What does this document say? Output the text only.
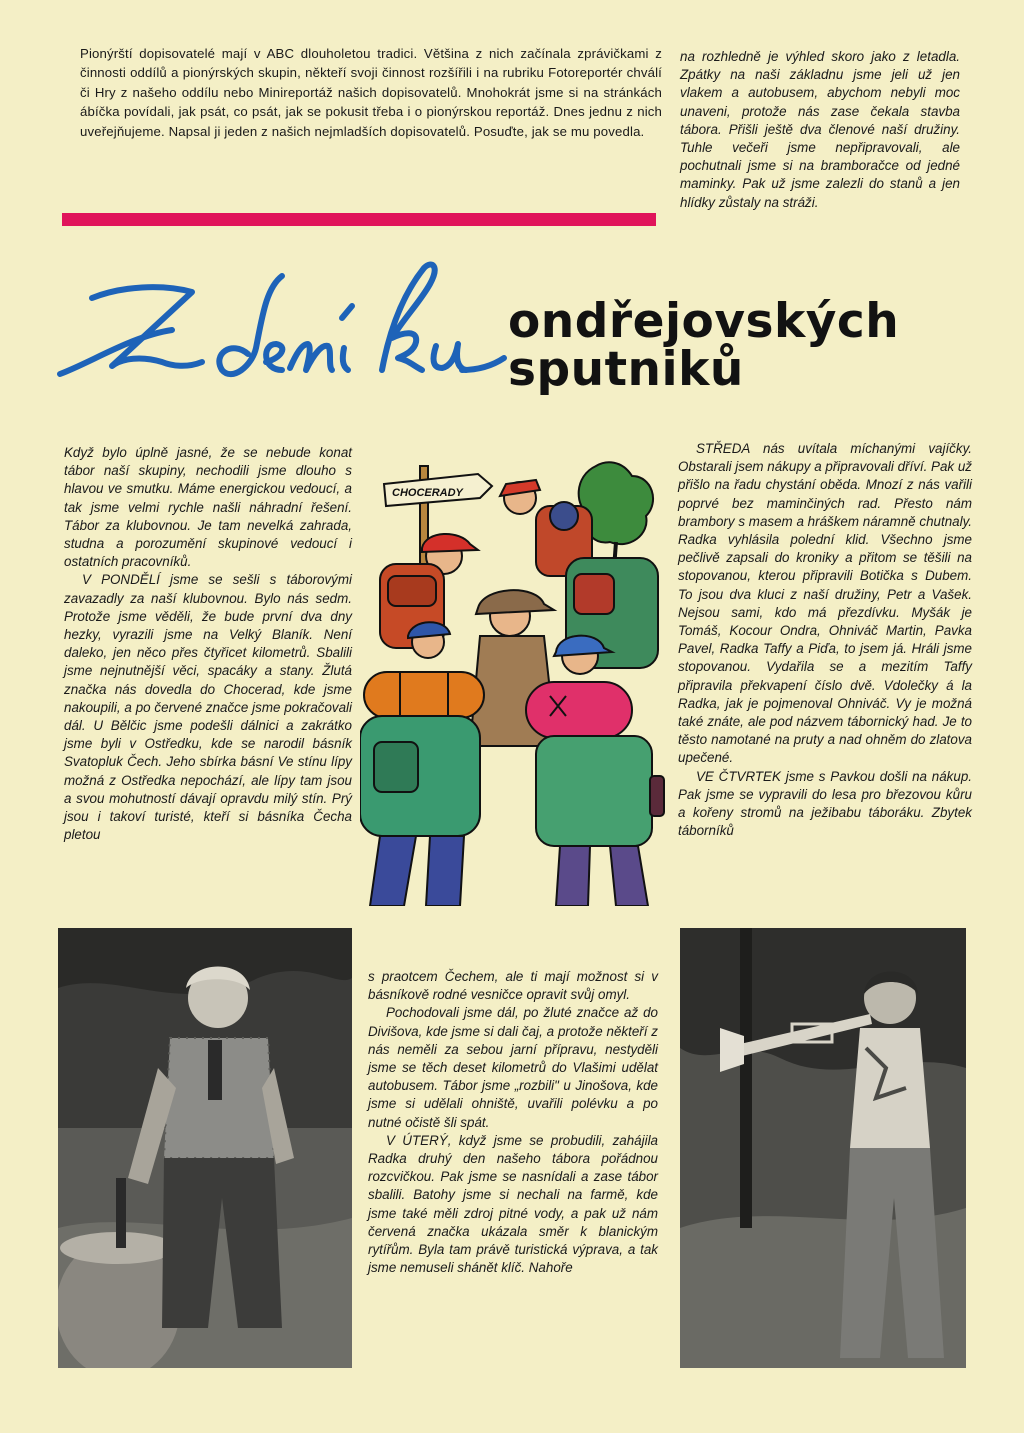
Pionýrští dopisovatelé mají v ABC dlouholetou tradici. Většina z nich začínala zprávičkami z činnosti oddílů a pionýrských skupin, někteří svoji činnost rozšířili i na rubriku Fotoreportér chválí či Hry z našeho oddílu nebo Minireportáž našich dopisovatelů. Mnohokrát jsme si na stránkách ábíčka povídali, jak psát, co psát, jak se pokusit třeba i o pionýrskou reportáž. Dnes jednu z nich uveřejňujeme. Napsal ji jeden z našich nejmladších dopisovatelů. Posuďte, jak se mu povedla.

na rozhledně je výhled skoro jako z letadla. Zpátky na naši základnu jsme jeli už jen vlakem a autobusem, abychom nebyli moc unaveni, protože nás zase čekala stavba tábora. Přišli ještě dva členové naší družiny. Tuhle večeři jsme nepřipravovali, ale pochutnali jsme si na bramboračce od jedné maminky. Pak už jsme zalezli do stanů a jen hlídky zůstaly na stráži.

Z deníku
ondřejovských
sputniků

Když bylo úplně jasné, že se nebude konat tábor naší skupiny, nechodili jsme dlouho s hlavou ve smutku. Máme energickou vedoucí, a tak jsme velmi rychle našli náhradní řešení. Tábor za klubovnou. Je tam nevelká zahrada, studna a porozumění skupinové vedoucí i ostatních pracovníků.

V PONDĚLÍ jsme se sešli s táborovými zavazadly za naší klubovnou. Bylo nás sedm. Protože jsme věděli, že bude první dva dny hezky, vyrazili jsme na Velký Blaník. Není daleko, jen něco přes čtyřicet kilometrů. Sbalili jsme nejnutnější věci, spacáky a stany. Žlutá značka nás dovedla do Chocerad, kde jsme nakoupili, a po červené značce jsme pokračovali dál. U Bělčic jsme podešli dálnici a zakrátko jsme byli v Ostředku, kde se narodil básník Svatopluk Čech. Jeho sbírka básní Ve stínu lípy možná z Ostředka nepochází, ale lípy tam jsou a svou mohutností dávají opravdu milý stín. Prý jsou i takoví turisté, kteří si básníka Čecha pletou

CHOCERADY

s praotcem Čechem, ale ti mají možnost si v básníkově rodné vesničce opravit svůj omyl.

Pochodovali jsme dál, po žluté značce až do Divišova, kde jsme si dali čaj, a protože někteří z nás neměli za sebou jarní přípravu, nestyděli jsme se těch deset kilometrů do Vlašimi udělat autobusem. Tábor jsme „rozbili" u Jinošova, kde jsme si udělali ohniště, uvařili polévku a po nutné očistě šli spát.

V ÚTERÝ, když jsme se probudili, zahájila Radka druhý den našeho tábora pořádnou rozcvičkou. Pak jsme se nasnídali a zase tábor sbalili. Batohy jsme si nechali na farmě, kde jsme také měli zdroj pitné vody, a pak už nám červená značka ukázala směr k blanickým rytířům. Byla tam právě turistická výprava, a tak jsme nemuseli shánět klíč. Nahoře

STŘEDA nás uvítala míchanými vajíčky. Obstarali jsem nákupy a připravovali dříví. Pak už přišlo na řadu chystání oběda. Mnozí z nás vařili poprvé bez maminčiných rad. Přesto nám brambory s masem a hráškem náramně chutnaly. Radka vyhlásila polední klid. Všechno jsme pečlivě zapsali do kroniky a přitom se těšili na stopovanou, kterou připravili Botička s Dubem. To jsou dva kluci z naší družiny, Petr a Vašek. Nejsou sami, kdo má přezdívku. Myšák je Tomáš, Kocour Ondra, Ohniváč Martin, Pavka Pavel, Radka Taffy a Piďa, to jsem já. Hráli jsme stopovanou. Vydařila se a mezitím Taffy připravila překvapení číslo dvě. Vdolečky á la Radka, jak je pojmenoval Ohniváč. Vy je možná také znáte, ale pod názvem tábornický had. Je to těsto namotané na pruty a nad ohněm do zlatova upečené.

VE ČTVRTEK jsme s Pavkou došli na nákup. Pak jsme se vypravili do lesa pro březovou kůru a kořeny stromů na ježibabu táboráku. Zbytek táborníků
